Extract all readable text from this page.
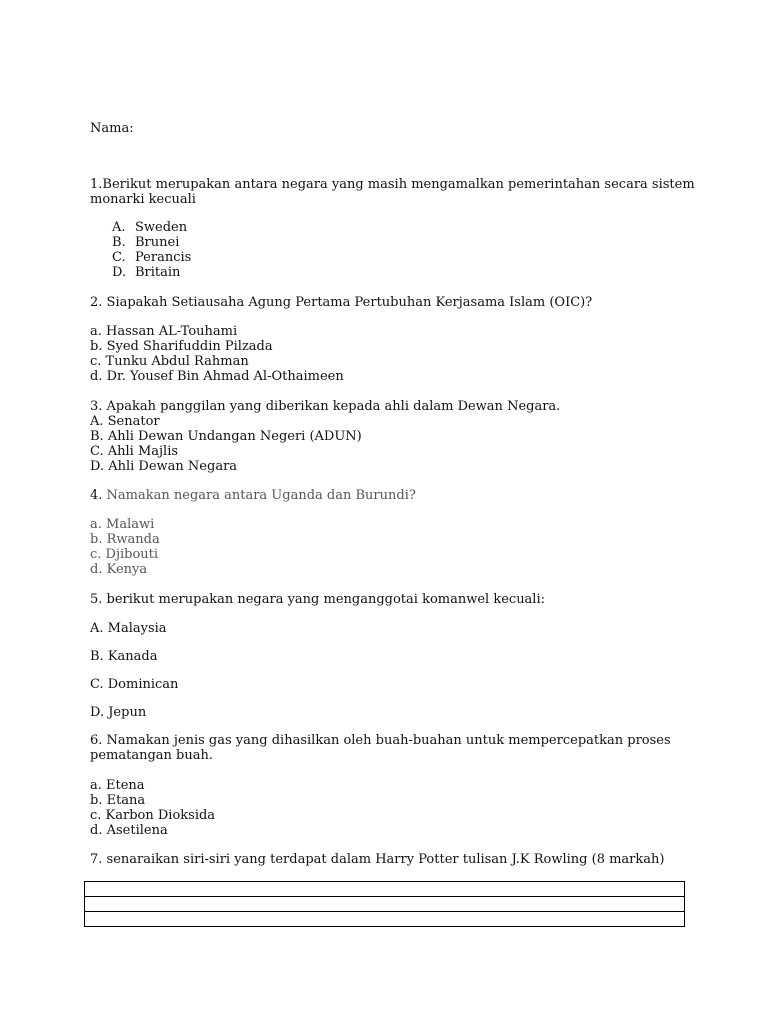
Nama:
1.Berikut merupakan antara negara yang masih mengamalkan pemerintahan secara sistem
monarki kecuali
A. Sweden
B. Brunei
C. Perancis
D. Britain
2. Siapakah Setiausaha Agung Pertama Pertubuhan Kerjasama Islam (OIC)?
a. Hassan AL-Touhami
b. Syed Sharifuddin Pilzada
c. Tunku Abdul Rahman
d. Dr. Yousef Bin Ahmad Al-Othaimeen
3. Apakah panggilan yang diberikan kepada ahli dalam Dewan Negara.
A. Senator
B. Ahli Dewan Undangan Negeri (ADUN)
C. Ahli Majlis
D. Ahli Dewan Negara
4. Namakan negara antara Uganda dan Burundi?
a. Malawi
b. Rwanda
c. Djibouti
d. Kenya
5. berikut merupakan negara yang menganggotai komanwel kecuali:
A. Malaysia
B. Kanada
C. Dominican
D. Jepun
6. Namakan jenis gas yang dihasilkan oleh buah-buahan untuk mempercepatkan proses
pematangan buah.
a. Etena
b. Etana
c. Karbon Dioksida
d. Asetilena
7. senaraikan siri-siri yang terdapat dalam Harry Potter tulisan J.K Rowling (8 markah)
